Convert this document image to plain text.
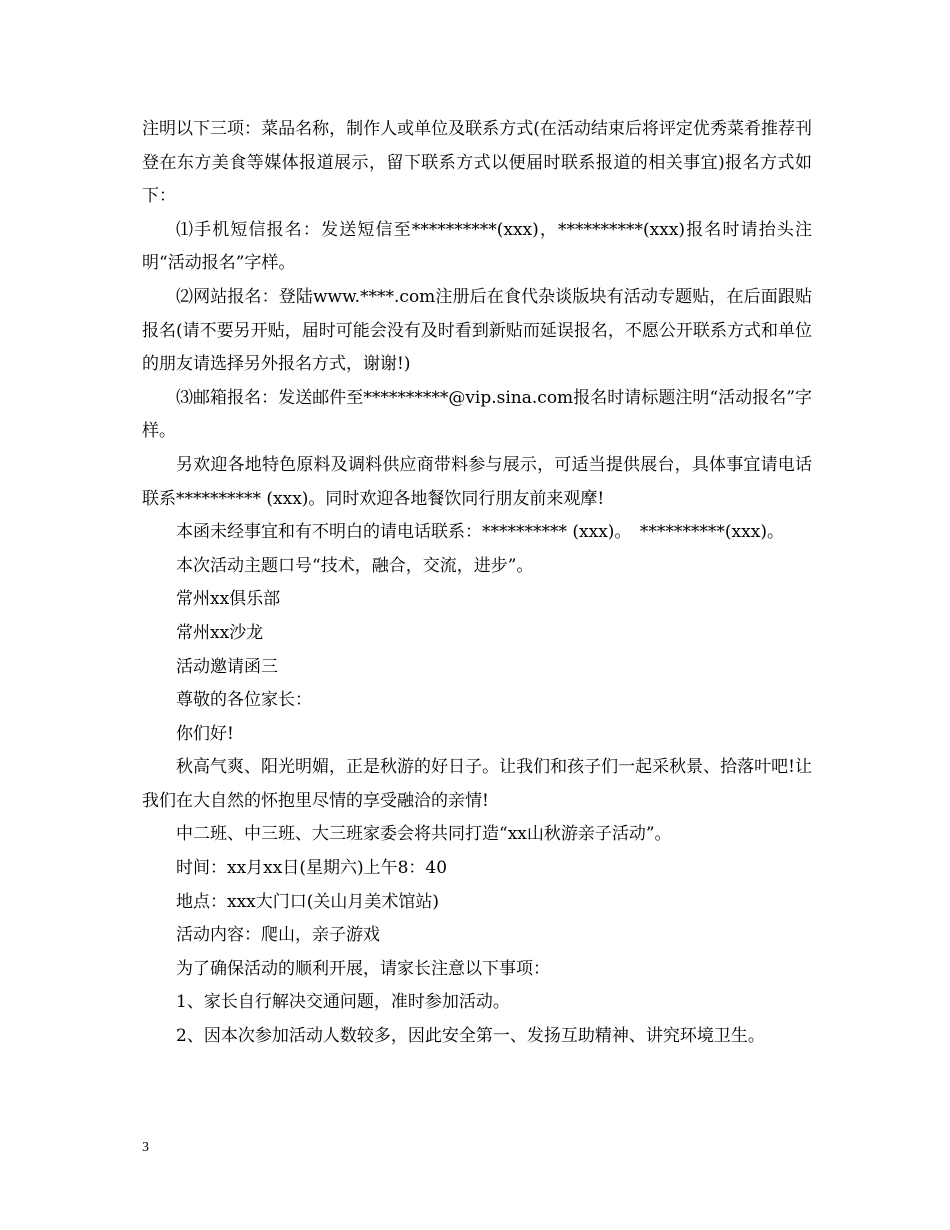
注明以下三项：菜品名称，制作人或单位及联系方式(在活动结束后将评定优秀菜肴推荐刊登在东方美食等媒体报道展示，留下联系方式以便届时联系报道的相关事宜)报名方式如下：

⑴手机短信报名：发送短信至**********(xxx)，**********(xxx)报名时请抬头注明“活动报名”字样。

⑵网站报名：登陆www.****.com注册后在食代杂谈版块有活动专题贴，在后面跟贴报名(请不要另开贴，届时可能会没有及时看到新贴而延误报名，不愿公开联系方式和单位的朋友请选择另外报名方式，谢谢!)

⑶邮箱报名：发送邮件至**********@vip.sina.com报名时请标题注明“活动报名”字样。

另欢迎各地特色原料及调料供应商带料参与展示，可适当提供展台，具体事宜请电话联系********** (xxx)。同时欢迎各地餐饮同行朋友前来观摩!

本函未经事宜和有不明白的请电话联系：********** (xxx)。　**********(xxx)。

本次活动主题口号“技术，融合，交流，进步”。

常州xx俱乐部

常州xx沙龙

活动邀请函三

尊敬的各位家长：

你们好!

秋高气爽、阳光明媚，正是秋游的好日子。让我们和孩子们一起采秋景、拾落叶吧!让我们在大自然的怀抱里尽情的享受融洽的亲情!

中二班、中三班、大三班家委会将共同打造“xx山秋游亲子活动”。

时间：xx月xx日(星期六)上午8：40

地点：xxx大门口(关山月美术馆站)

活动内容：爬山，亲子游戏

为了确保活动的顺利开展，请家长注意以下事项：

1、家长自行解决交通问题，准时参加活动。

2、因本次参加活动人数较多，因此安全第一、发扬互助精神、讲究环境卫生。

3
